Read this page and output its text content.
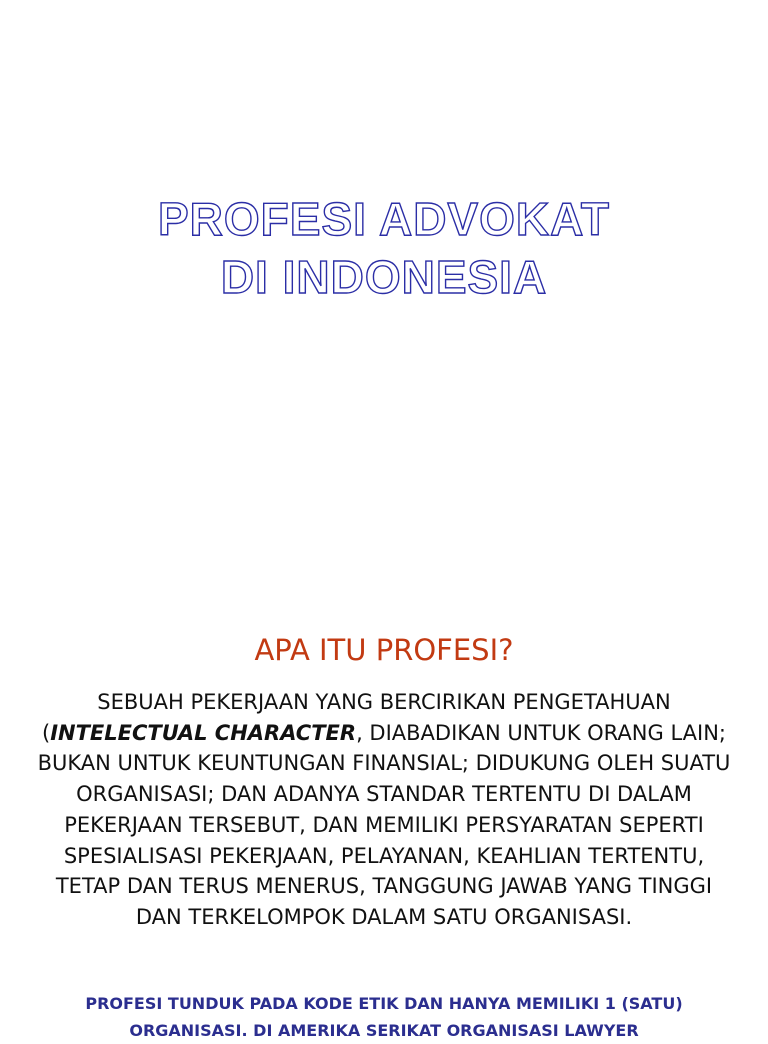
PROFESI ADVOKAT
DI INDONESIA
APA ITU PROFESI?

SEBUAH PEKERJAAN YANG BERCIRIKAN PENGETAHUAN (INTELECTUAL CHARACTER, DIABADIKAN UNTUK ORANG LAIN; BUKAN UNTUK KEUNTUNGAN FINANSIAL; DIDUKUNG OLEH SUATU ORGANISASI; DAN ADANYA STANDAR TERTENTU DI DALAM PEKERJAAN TERSEBUT, DAN MEMILIKI PERSYARATAN SEPERTI SPESIALISASI PEKERJAAN, PELAYANAN, KEAHLIAN TERTENTU, TETAP DAN TERUS MENERUS, TANGGUNG JAWAB YANG TINGGI DAN TERKELOMPOK DALAM SATU ORGANISASI.

PROFESI TUNDUK PADA KODE ETIK DAN HANYA MEMILIKI 1 (SATU) ORGANISASI. DI AMERIKA SERIKAT ORGANISASI LAWYER
